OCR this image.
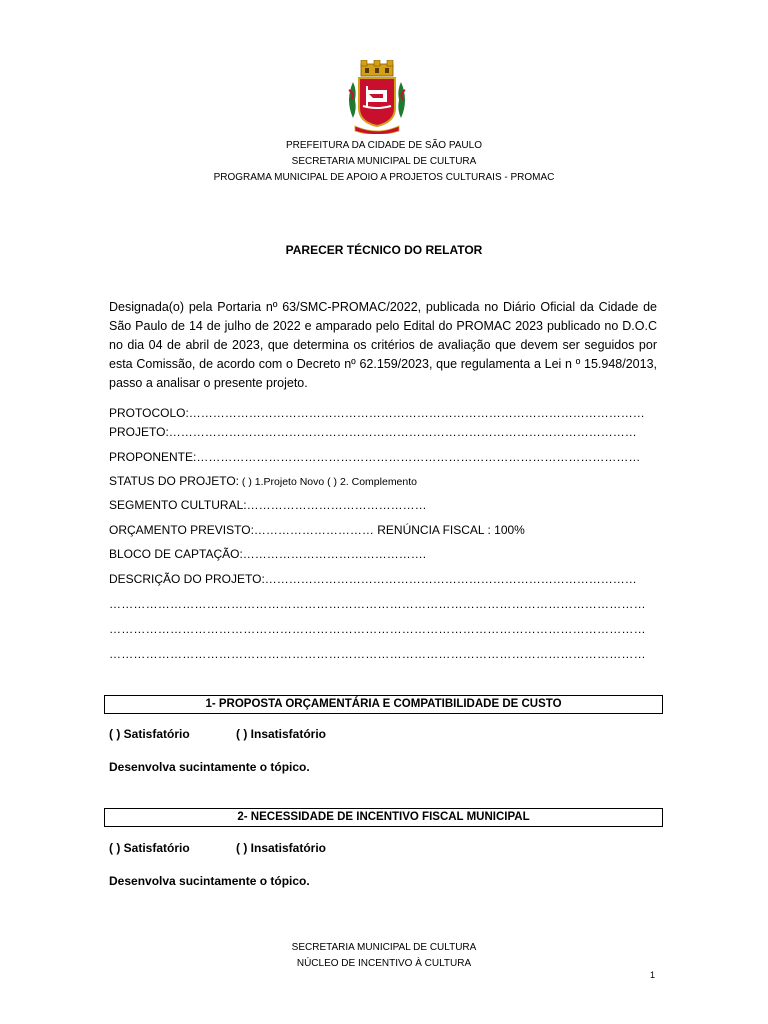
PREFEITURA DA CIDADE DE SÃO PAULO
SECRETARIA MUNICIPAL DE CULTURA
PROGRAMA MUNICIPAL DE APOIO A PROJETOS CULTURAIS - PROMAC
PARECER TÉCNICO DO RELATOR
Designada(o) pela Portaria nº 63/SMC-PROMAC/2022, publicada no Diário Oficial da Cidade de São Paulo de 14 de julho de 2022 e amparado pelo Edital do PROMAC 2023 publicado no D.O.C no dia 04 de abril de 2023, que determina os critérios de avaliação que devem ser seguidos por esta Comissão, de acordo com o Decreto nº 62.159/2023, que regulamenta a Lei n º 15.948/2013, passo a analisar o presente projeto.
PROTOCOLO:……………………………………………………………………………………………………
PROJETO:………………………………………………………………………………………………………
PROPONENTE:…………………………………………………………………………………………………
STATUS DO PROJETO: ( ) 1.Projeto Novo ( ) 2. Complemento
SEGMENTO CULTURAL:………………………………………
ORÇAMENTO PREVISTO:………………………… RENÚNCIA FISCAL : 100%
BLOCO DE CAPTAÇÃO:……………………………………….
DESCRIÇÃO DO PROJETO:…………………………………………………………………………………
……………………………………………………………………………………………………………………
……………………………………………………………………………………………………………………
……………………………………………………………………………………………………………………
1- PROPOSTA ORÇAMENTÁRIA E COMPATIBILIDADE DE CUSTO
( ) Satisfatório	( ) Insatisfatório
Desenvolva sucintamente o tópico.
2- NECESSIDADE DE INCENTIVO FISCAL MUNICIPAL
( ) Satisfatório	( ) Insatisfatório
Desenvolva sucintamente o tópico.
SECRETARIA MUNICIPAL DE CULTURA
NÚCLEO DE INCENTIVO À CULTURA
1
